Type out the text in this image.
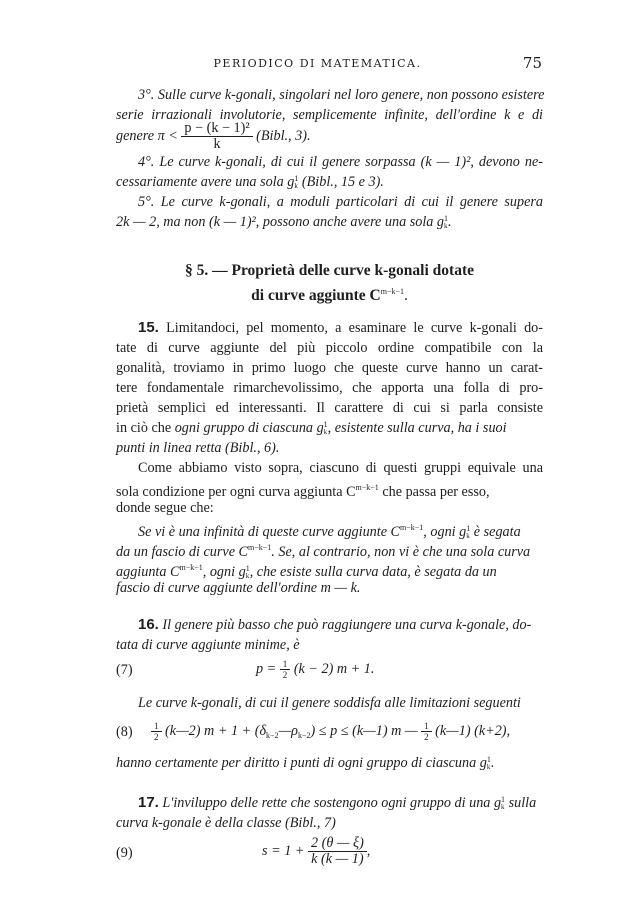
PERIODICO DI MATEMATICA.	75
3°. Sulle curve k-gonali, singolari nel loro genere, non possono esistere
serie irrazionali involutorie, semplicemente infinite, dell'ordine k e di
genere $\pi < \frac{\text{p − (k − 1)²}}{k}$ (Bibl., 3).
4°. Le curve k-gonali, di cui il genere sorpassa (k — 1)², devono ne-
cessariamente avere una sola g 1
k (Bibl., 15 e 3).
5°. Le curve k-gonali, a moduli particolari di cui il genere supera
2k — 2, ma non (k — 1)², possono anche avere una sola g 1
k .
§ 5. — Proprietà delle curve k-gonali dotate
di curve aggiunte $C^{m-k-1}$.
15. Limitandoci, pel momento, a esaminare le curve k-gonali do-
tate di curve aggiunte del più piccolo ordine compatibile con la
gonalità, troviamo in primo luogo che queste curve hanno un carat-
tere fondamentale rimarchevolissimo, che apporta una folla di pro-
prietà semplici ed interessanti. Il carattere di cui si parla consiste
in ciò che ogni gruppo di ciascuna g 1
k , esistente sulla curva, ha i suoi
punti in linea retta (Bibl., 6).
Come abbiamo visto sopra, ciascuno di questi gruppi equivale una
sola condizione per ogni curva aggiunta $C^{m-k-1}$ che passa per esso,
donde segue che:
Se vi è una infinità di queste curve aggiunte $C^{m-k-1}$, ogni g 1
k è segata
da un fascio di curve $C^{m-k-1}$. Se, al contrario, non vi è che una sola curva
aggiunta $C^{m-k-1}$, ogni g 1
k , che esiste sulla curva data, è segata da un
fascio di curve aggiunte dell'ordine m — k.
16. Il genere più basso che può raggiungere una curva k-gonale, do-
tata di curve aggiunte minime, è
(7)	$p = \frac{1}{2} (k - 2) m + 1$.
Le curve k-gonali, di cui il genere soddisfa alle limitazioni seguenti
$(8) \frac{1}{2}$ (k—2) $m + 1 + (\delta_{k-2}—\rho_{k-2}) \le p$ ≤ (k—1) m — $\frac{1}{2}$ (k—1) (k+2),
hanno certamente per diritto i punti di ogni gruppo di ciascuna g 1
k .
17. L'inviluppo delle rette che sostengono ogni gruppo di una g 1
k sulla
curva k-gonale è della classe (Bibl., 7)
(9)	$s = 1 + \frac{2 (\theta — \xi)}{k (k — 1)}$ ,
